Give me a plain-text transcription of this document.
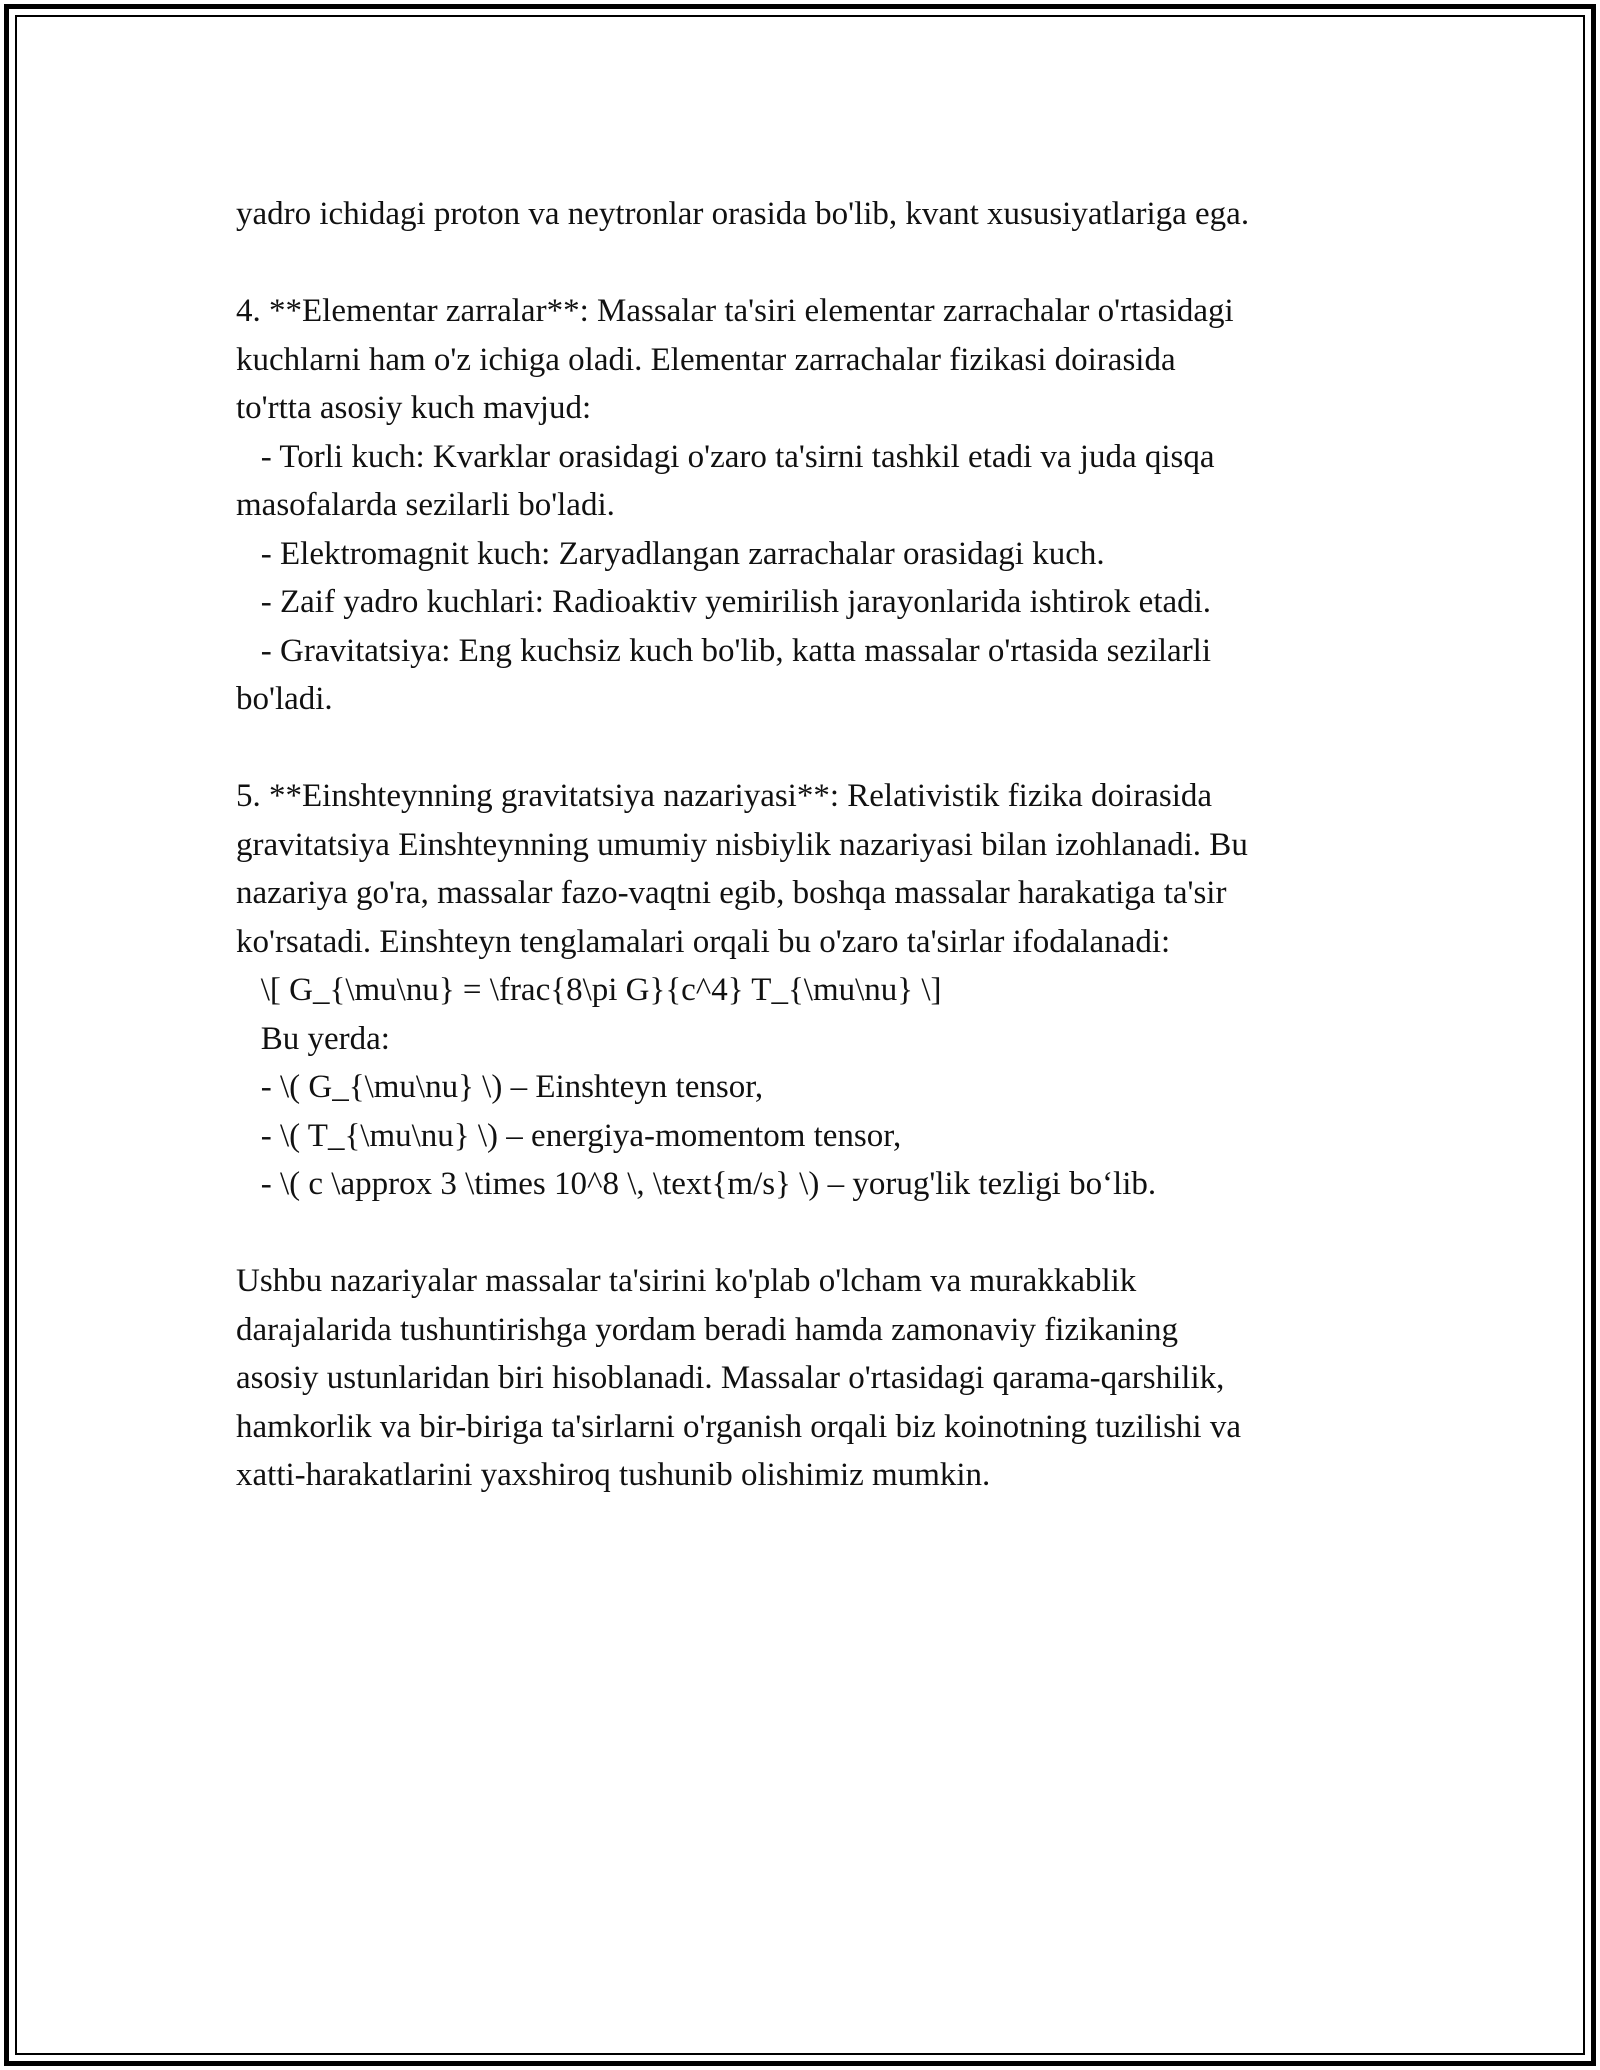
yadro ichidagi proton va neytronlar orasida bo'lib, kvant xususiyatlariga ega.
4. **Elementar zarralar**: Massalar ta'siri elementar zarrachalar o'rtasidagi
kuchlarni ham o'z ichiga oladi. Elementar zarrachalar fizikasi doirasida
to'rtta asosiy kuch mavjud:
- Torli kuch: Kvarklar orasidagi o'zaro ta'sirni tashkil etadi va juda qisqa
masofalarda sezilarli bo'ladi.
- Elektromagnit kuch: Zaryadlangan zarrachalar orasidagi kuch.
- Zaif yadro kuchlari: Radioaktiv yemirilish jarayonlarida ishtirok etadi.
- Gravitatsiya: Eng kuchsiz kuch bo'lib, katta massalar o'rtasida sezilarli
bo'ladi.
5. **Einshteynning gravitatsiya nazariyasi**: Relativistik fizika doirasida
gravitatsiya Einshteynning umumiy nisbiylik nazariyasi bilan izohlanadi. Bu
nazariya go'ra, massalar fazo-vaqtni egib, boshqa massalar harakatiga ta'sir
ko'rsatadi. Einshteyn tenglamalari orqali bu o'zaro ta'sirlar ifodalanadi:
\[ G_{\mu\nu} = \frac{8\pi G}{c^4} T_{\mu\nu} \]
Bu yerda:
- \( G_{\mu\nu} \) – Einshteyn tensor,
- \( T_{\mu\nu} \) – energiya-momentom tensor,
- \( c \approx 3 \times 10^8 \, \text{m/s} \) – yorug'lik tezligi bo‘lib.
Ushbu nazariyalar massalar ta'sirini ko'plab o'lcham va murakkablik
darajalarida tushuntirishga yordam beradi hamda zamonaviy fizikaning
asosiy ustunlaridan biri hisoblanadi. Massalar o'rtasidagi qarama-qarshilik,
hamkorlik va bir-biriga ta'sirlarni o'rganish orqali biz koinotning tuzilishi va
xatti-harakatlarini yaxshiroq tushunib olishimiz mumkin.
